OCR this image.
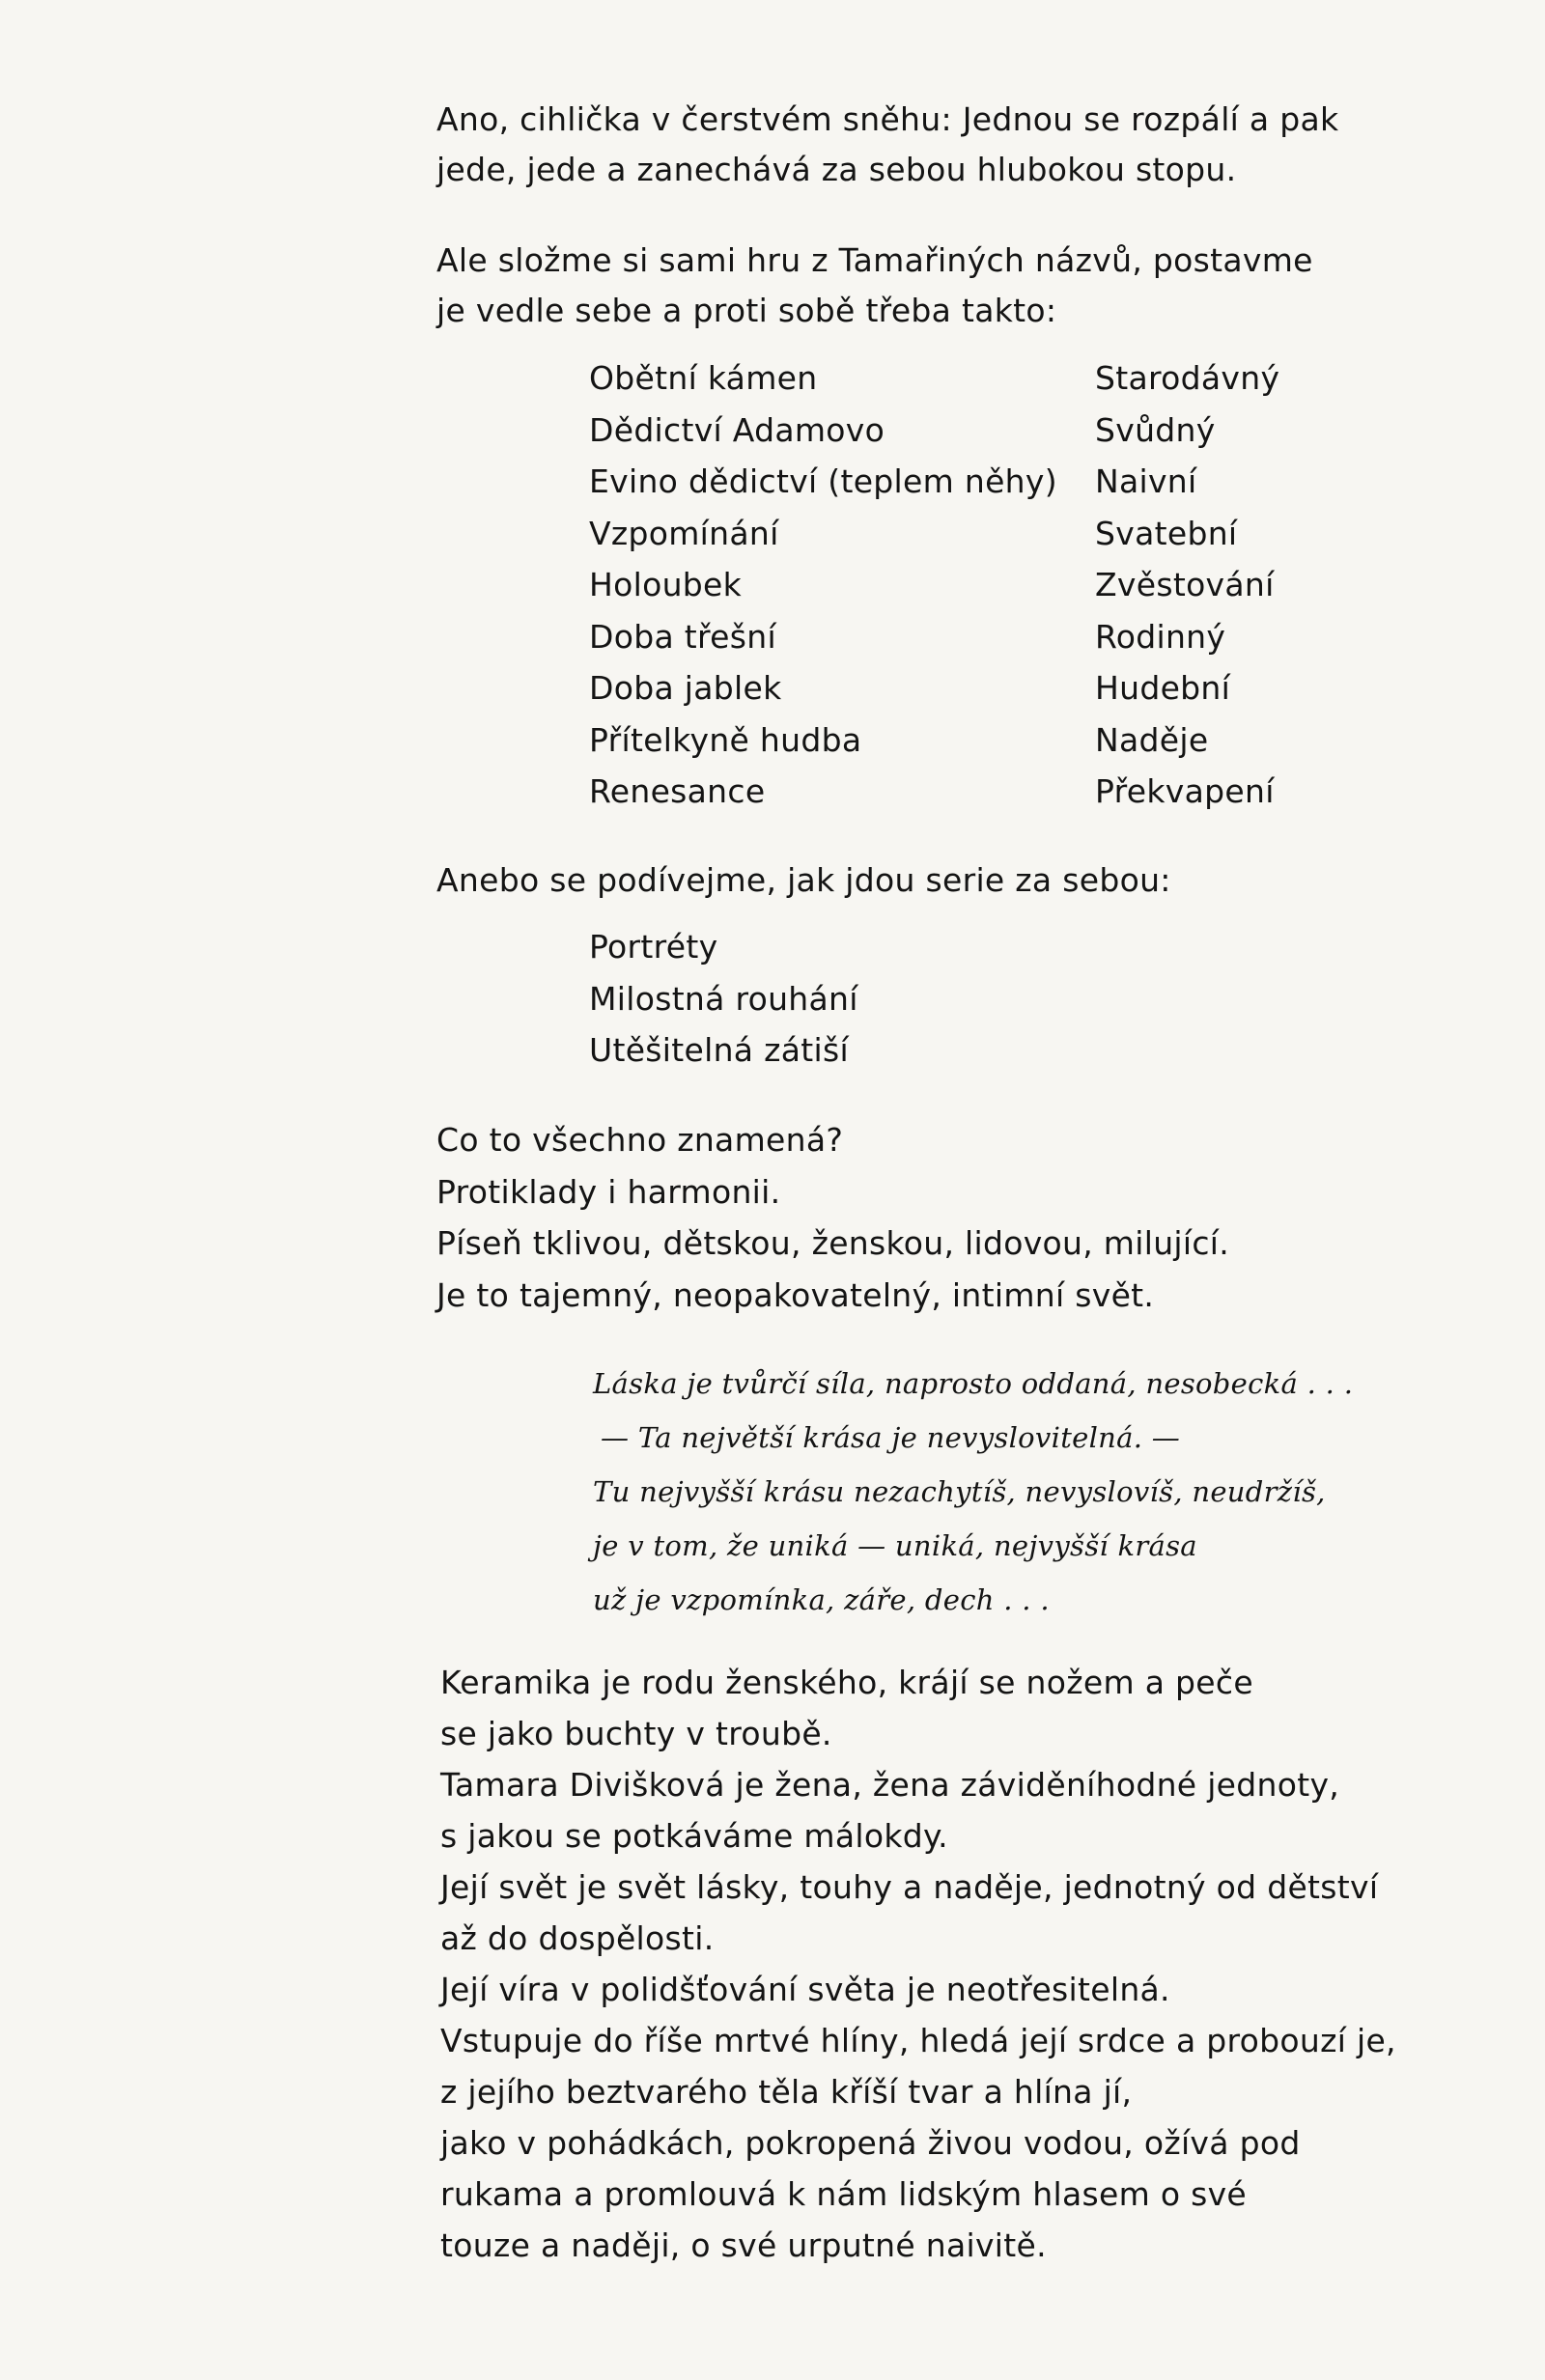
Ano, cihlička v čerstvém sněhu: Jednou se rozpálí a pak
jede, jede a zanechává za sebou hlubokou stopu.
Ale složme si sami hru z Tamařiných názvů, postavme
je vedle sebe a proti sobě třeba takto:
Obětní kámen	Starodávný
Dědictví Adamovo	Svůdný
Evino dědictví (teplem něhy) Naivní
Vzpomínání	Svatební
Holoubek	Zvěstování
Doba třešní	Rodinný
Doba jablek	Hudební
Přítelkyně hudba	Naděje
Renesance	Překvapení
Anebo se podívejme, jak jdou serie za sebou:
Portréty
Milostná rouhání
Utěšitelná zátiší
Co to všechno znamená?
Protiklady i harmonii.
Píseň tklivou, dětskou, ženskou, lidovou, milující.
Je to tajemný, neopakovatelný, intimní svět.
Láska je tvůrčí síla, naprosto oddaná, nesobecká . . .
— Ta největší krása je nevyslovitelná. —
Tu nejvyšší krásu nezachytíš, nevyslovíš, neudržíš,
je v tom, že uniká — uniká, nejvyšší krása
už je vzpomínka, záře, dech . . .
Keramika je rodu ženského, krájí se nožem a peče
se jako buchty v troubě.
Tamara Divišková je žena, žena záviděníhodné jednoty,
s jakou se potkáváme málokdy.
Její svět je svět lásky, touhy a naděje, jednotný od dětství
až do dospělosti.
Její víra v polidšťování světa je neotřesitelná.
Vstupuje do říše mrtvé hlíny, hledá její srdce a probouzí je,
z jejího beztvarého těla kříší tvar a hlína jí,
jako v pohádkách, pokropená živou vodou, ožívá pod
rukama a promlouvá k nám lidským hlasem o své
touze a naději, o své urputné naivitě.
